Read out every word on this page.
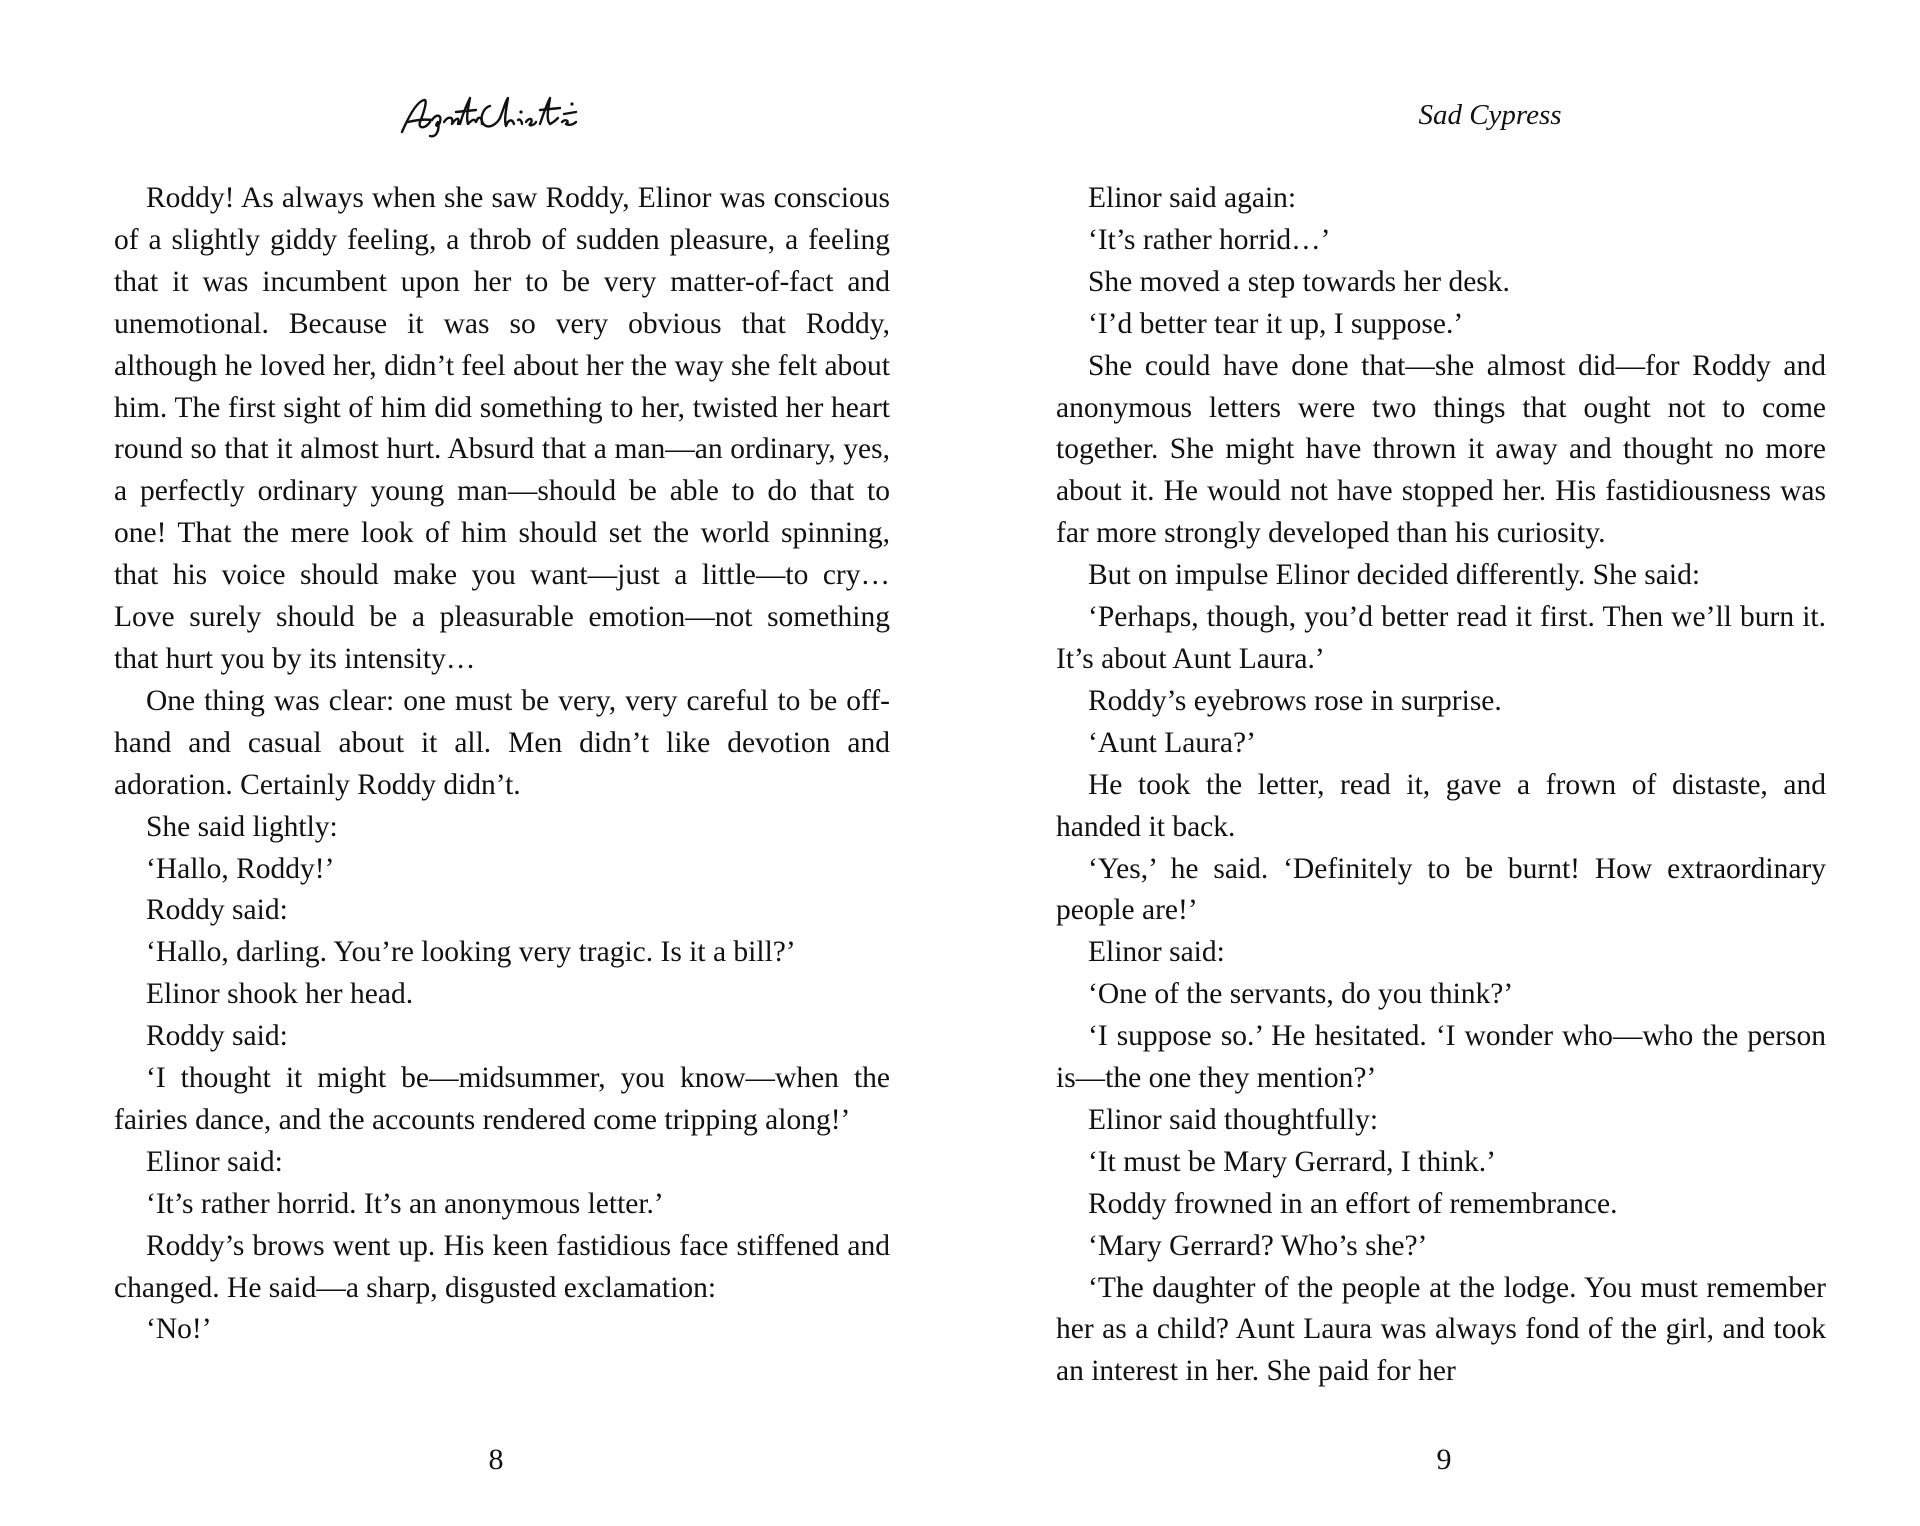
Roddy! As always when she saw Roddy, Elinor was conscious of a slightly giddy feeling, a throb of sudden pleasure, a feeling that it was incumbent upon her to be very matter-of-fact and unemotional. Because it was so very obvious that Roddy, although he loved her, didn’t feel about her the way she felt about him. The first sight of him did something to her, twisted her heart round so that it almost hurt. Absurd that a man—an ordinary, yes, a perfectly ordinary young man—should be able to do that to one! That the mere look of him should set the world spinning, that his voice should make you want—just a little—to cry… Love surely should be a pleasurable emotion—not something that hurt you by its intensity…

One thing was clear: one must be very, very careful to be off-hand and casual about it all. Men didn’t like devotion and adoration. Certainly Roddy didn’t.

She said lightly:

‘Hallo, Roddy!’

Roddy said:

‘Hallo, darling. You’re looking very tragic. Is it a bill?’

Elinor shook her head.

Roddy said:

‘I thought it might be—midsummer, you know—when the fairies dance, and the accounts rendered come tripping along!’

Elinor said:

‘It’s rather horrid. It’s an anonymous letter.’

Roddy’s brows went up. His keen fastidious face stiffened and changed. He said—a sharp, disgusted exclamation:

‘No!’

8
Sad Cypress

Elinor said again:

‘It’s rather horrid…’

She moved a step towards her desk.

‘I’d better tear it up, I suppose.’

She could have done that—she almost did—for Roddy and anonymous letters were two things that ought not to come together. She might have thrown it away and thought no more about it. He would not have stopped her. His fastidiousness was far more strongly developed than his curiosity.

But on impulse Elinor decided differently. She said:

‘Perhaps, though, you’d better read it first. Then we’ll burn it. It’s about Aunt Laura.’

Roddy’s eyebrows rose in surprise.

‘Aunt Laura?’

He took the letter, read it, gave a frown of distaste, and handed it back.

‘Yes,’ he said. ‘Definitely to be burnt! How extraordinary people are!’

Elinor said:

‘One of the servants, do you think?’

‘I suppose so.’ He hesitated. ‘I wonder who—who the person is—the one they mention?’

Elinor said thoughtfully:

‘It must be Mary Gerrard, I think.’

Roddy frowned in an effort of remembrance.

‘Mary Gerrard? Who’s she?’

‘The daughter of the people at the lodge. You must remember her as a child? Aunt Laura was always fond of the girl, and took an interest in her. She paid for her

9
